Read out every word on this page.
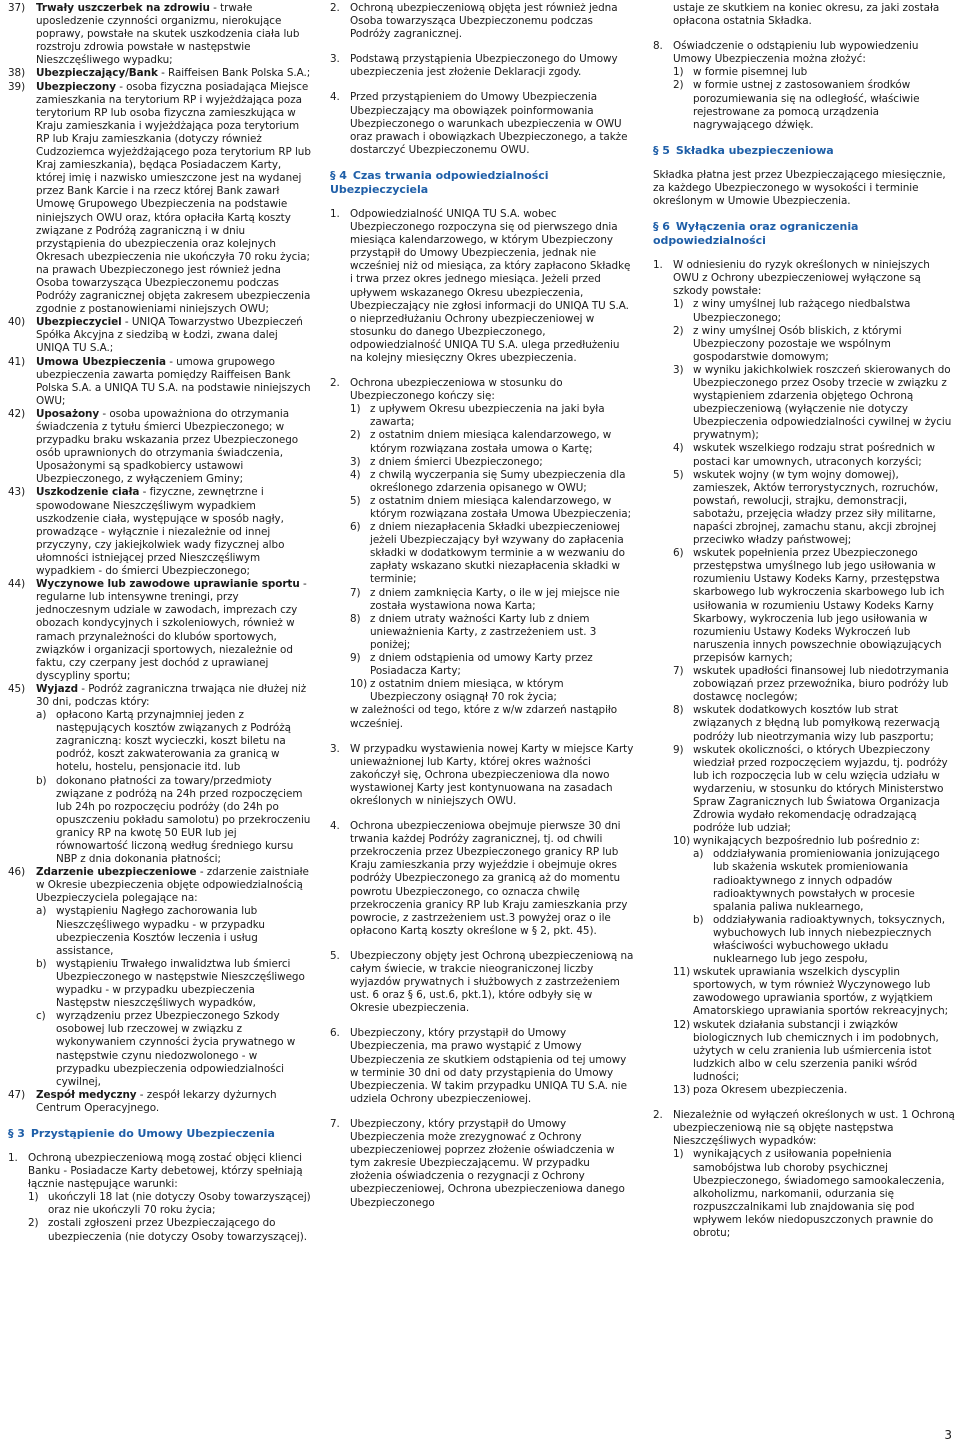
37) Trwały uszczerbek na zdrowiu - trwałe uposledzenie czynności organizmu, nierokujące poprawy, powstałe na skutek uszkodzenia ciała lub rozstroju zdrowia powstałe w następstwie Nieszczęśliwego wypadku;
38) Ubezpieczający/Bank - Raiffeisen Bank Polska S.A.;
39) Ubezpieczony - osoba fizyczna posiadająca Miejsce zamieszkania na terytorium RP i wyjeżdżająca poza terytorium RP lub osoba fizyczna zamieszkująca w Kraju zamieszkania i wyjeżdżająca poza terytorium RP lub Kraju zamieszkania (dotyczy również Cudzoziemca wyjeżdżającego poza terytorium RP lub Kraj zamieszkania), będąca Posiadaczem Karty, której imię i nazwisko umieszczone jest na wydanej przez Bank Karcie i na rzecz której Bank zawarł Umowę Grupowego Ubezpieczenia na podstawie niniejszych OWU oraz, która opłaciła Kartą koszty związane z Podróżą zagraniczną i w dniu przystąpienia do ubezpieczenia oraz kolejnych Okresach ubezpieczenia nie ukończyła 70 roku życia; na prawach Ubezpieczonego jest również jedna Osoba towarzysząca Ubezpieczonemu podczas Podróży zagranicznej objęta zakresem ubezpieczenia zgodnie z postanowieniami niniejszych OWU;
40) Ubezpieczyciel - UNIQA Towarzystwo Ubezpieczeń Spółka Akcyjna z siedzibą w Łodzi, zwana dalej UNIQA TU S.A.;
41) Umowa Ubezpieczenia - umowa grupowego ubezpieczenia zawarta pomiędzy Raiffeisen Bank Polska S.A. a UNIQA TU S.A. na podstawie niniejszych OWU;
42) Uposażony - osoba upoważniona do otrzymania świadczenia z tytułu śmierci Ubezpieczonego; w przypadku braku wskazania przez Ubezpieczonego osób uprawnionych do otrzymania świadczenia, Uposażonymi są spadkobiercy ustawowi Ubezpieczonego, z wyłączeniem Gminy;
43) Uszkodzenie ciała - fizyczne, zewnętrzne i spowodowane Nieszczęśliwym wypadkiem uszkodzenie ciała, występujące w sposób nagły, prowadzące - wyłącznie i niezależnie od innej przyczyny, czy jakiejkolwiek wady fizycznej albo ułomności istniejącej przed Nieszczęśliwym wypadkiem - do śmierci Ubezpieczonego;
44) Wyczynowe lub zawodowe uprawianie sportu - regularne lub intensywne treningi, przy jednoczesnym udziale w zawodach, imprezach czy obozach kondycyjnych i szkoleniowych, również w ramach przynależności do klubów sportowych, związków i organizacji sportowych, niezależnie od faktu, czy czerpany jest dochód z uprawianej dyscypliny sportu;
45) Wyjazd - Podróż zagraniczna trwająca nie dłużej niż 30 dni, podczas który:
a) opłacono Kartą przynajmniej jeden z następujących kosztów związanych z Podróżą zagraniczną: koszt wycieczki, koszt biletu na podróż, koszt zakwaterowania za granicą w hotelu, hostelu, pensjonacie itd. lub
b) dokonano płatności za towary/przedmioty związane z podróżą na 24h przed rozpoczęciem lub 24h po rozpoczęciu podróży (do 24h po opuszczeniu pokładu samolotu) po przekroczeniu granicy RP na kwotę 50 EUR lub jej równowartość liczoną według średniego kursu NBP z dnia dokonania płatności;
46) Zdarzenie ubezpieczeniowe - zdarzenie zaistniałe w Okresie ubezpieczenia objęte odpowiedzialnością Ubezpieczyciela polegające na:
a) wystąpieniu Nagłego zachorowania lub Nieszczęśliwego wypadku - w przypadku ubezpieczenia Kosztów leczenia i usług assistance,
b) wystąpieniu Trwałego inwalidztwa lub śmierci Ubezpieczonego w następstwie Nieszczęśliwego wypadku - w przypadku ubezpieczenia Następstw nieszczęśliwych wypadków,
c) wyrządzeniu przez Ubezpieczonego Szkody osobowej lub rzeczowej w związku z wykonywaniem czynności życia prywatnego w następstwie czynu niedozwolonego - w przypadku ubezpieczenia odpowiedzialności cywilnej,
47) Zespół medyczny - zespół lekarzy dyżurnych Centrum Operacyjnego.
§ 3 Przystąpienie do Umowy Ubezpieczenia
1. Ochroną ubezpieczeniową mogą zostać objęci klienci Banku - Posiadacze Karty debetowej, którzy spełniają łącznie następujące warunki:
1) ukończyli 18 lat (nie dotyczy Osoby towarzyszącej) oraz nie ukończyli 70 roku życia;
2) zostali zgłoszeni przez Ubezpieczającego do ubezpieczenia (nie dotyczy Osoby towarzyszącej).
2. Ochroną ubezpieczeniową objęta jest również jedna Osoba towarzysząca Ubezpieczonemu podczas Podróży zagranicznej.
3. Podstawą przystąpienia Ubezpieczonego do Umowy ubezpieczenia jest złożenie Deklaracji zgody.
4. Przed przystąpieniem do Umowy Ubezpieczenia Ubezpieczający ma obowiązek poinformowania Ubezpieczonego o warunkach ubezpieczenia w OWU oraz prawach i obowiązkach Ubezpieczonego, a także dostarczyć Ubezpieczonemu OWU.
§ 4 Czas trwania odpowiedzialności Ubezpieczyciela
1. Odpowiedzialność UNIQA TU S.A. wobec Ubezpieczonego rozpoczyna się od pierwszego dnia miesiąca kalendarzowego, w którym Ubezpieczony przystąpił do Umowy Ubezpieczenia, jednak nie wcześniej niż od miesiąca, za który zapłacono Składkę i trwa przez okres jednego miesiąca. Jeżeli przed upływem wskazanego Okresu ubezpieczenia, Ubezpieczający nie zgłosi informacji do UNIQA TU S.A. o nieprzedłużaniu Ochrony ubezpieczeniowej w stosunku do danego Ubezpieczonego, odpowiedzialność UNIQA TU S.A. ulega przedłużeniu na kolejny miesięczny Okres ubezpieczenia.
2. Ochrona ubezpieczeniowa w stosunku do Ubezpieczonego kończy się:
1) z upływem Okresu ubezpieczenia na jaki była zawarta;
2) z ostatnim dniem miesiąca kalendarzowego, w którym rozwiązana została umowa o Kartę;
3) z dniem śmierci Ubezpieczonego;
4) z chwilą wyczerpania się Sumy ubezpieczenia dla określonego zdarzenia opisanego w OWU;
5) z ostatnim dniem miesiąca kalendarzowego, w którym rozwiązana została Umowa Ubezpieczenia;
6) z dniem niezapłacenia Składki ubezpieczeniowej jeżeli Ubezpieczający był wzywany do zapłacenia składki w dodatkowym terminie a w wezwaniu do zapłaty wskazano skutki niezapłacenia składki w terminie;
7) z dniem zamknięcia Karty, o ile w jej miejsce nie została wystawiona nowa Karta;
8) z dniem utraty ważności Karty lub z dniem unieważnienia Karty, z zastrzeżeniem ust. 3 poniżej;
9) z dniem odstąpienia od umowy Karty przez Posiadacza Karty;
10) z ostatnim dniem miesiąca, w którym Ubezpieczony osiągnął 70 rok życia;
w zależności od tego, które z w/w zdarzeń nastąpiło wcześniej.
3. W przypadku wystawienia nowej Karty w miejsce Karty unieważnionej lub Karty, której okres ważności zakończył się, Ochrona ubezpieczeniowa dla nowo wystawionej Karty jest kontynuowana na zasadach określonych w niniejszych OWU.
4. Ochrona ubezpieczeniowa obejmuje pierwsze 30 dni trwania każdej Podróży zagranicznej, tj. od chwili przekroczenia przez Ubezpieczonego granicy RP lub Kraju zamieszkania przy wyjeździe i obejmuje okres podróży Ubezpieczonego za granicą aż do momentu powrotu Ubezpieczonego, co oznacza chwilę przekroczenia granicy RP lub Kraju zamieszkania przy powrocie, z zastrzeżeniem ust.3 powyżej oraz o ile opłacono Kartą koszty określone w § 2, pkt. 45).
5. Ubezpieczony objęty jest Ochroną ubezpieczeniową na całym świecie, w trakcie nieograniczonej liczby wyjazdów prywatnych i służbowych z zastrzeżeniem ust. 6 oraz § 6, ust.6, pkt.1), które odbyły się w Okresie ubezpieczenia.
6. Ubezpieczony, który przystąpił do Umowy Ubezpieczenia, ma prawo wystąpić z Umowy Ubezpieczenia ze skutkiem odstąpienia od tej umowy w terminie 30 dni od daty przystąpienia do Umowy Ubezpieczenia. W takim przypadku UNIQA TU S.A. nie udziela Ochrony ubezpieczeniowej.
7. Ubezpieczony, który przystąpił do Umowy Ubezpieczenia może zrezygnować z Ochrony ubezpieczeniowej poprzez złożenie oświadczenia w tym zakresie Ubezpieczającemu. W przypadku złożenia oświadczenia o rezygnacji z Ochrony ubezpieczeniowej, Ochrona ubezpieczeniowa danego Ubezpieczonego
ustaje ze skutkiem na koniec okresu, za jaki została opłacona ostatnia Składka.
8. Oświadczenie o odstąpieniu lub wypowiedzeniu Umowy Ubezpieczenia można złożyć:
1) w formie pisemnej lub
2) w formie ustnej z zastosowaniem środków porozumiewania się na odległość, właściwie rejestrowane za pomocą urządzenia nagrywającego dźwięk.
§ 5 Składka ubezpieczeniowa
Składka płatna jest przez Ubezpieczającego miesięcznie, za każdego Ubezpieczonego w wysokości i terminie określonym w Umowie Ubezpieczenia.
§ 6 Wyłączenia oraz ograniczenia odpowiedzialności
1. W odniesieniu do ryzyk określonych w niniejszych OWU z Ochrony ubezpieczeniowej wyłączone są szkody powstałe:
1) z winy umyślnej lub rażącego niedbalstwa Ubezpieczonego;
2) z winy umyślnej Osób bliskich, z którymi Ubezpieczony pozostaje we wspólnym gospodarstwie domowym;
3) w wyniku jakichkolwiek roszczeń skierowanych do Ubezpieczonego przez Osoby trzecie w związku z wystąpieniem zdarzenia objętego Ochroną ubezpieczeniową (wyłączenie nie dotyczy Ubezpieczenia odpowiedzialności cywilnej w życiu prywatnym);
4) wskutek wszelkiego rodzaju strat pośrednich w postaci kar umownych, utraconych korzyści;
5) wskutek wojny (w tym wojny domowej), zamieszek, Aktów terrorystycznych, rozruchów, powstań, rewolucji, strajku, demonstracji, sabotażu, przejęcia władzy przez siły militarne, napaści zbrojnej, zamachu stanu, akcji zbrojnej przeciwko władzy państwowej;
6) wskutek popełnienia przez Ubezpieczonego przestępstwa umyślnego lub jego usiłowania w rozumieniu Ustawy Kodeks Karny, przestępstwa skarbowego lub wykroczenia skarbowego lub ich usiłowania w rozumieniu Ustawy Kodeks Karny Skarbowy, wykroczenia lub jego usiłowania w rozumieniu Ustawy Kodeks Wykroczeń lub naruszenia innych powszechnie obowiązujących przepisów karnych;
7) wskutek upadłości finansowej lub niedotrzymania zobowiązań przez przewoźnika, biuro podróży lub dostawcę noclegów;
8) wskutek dodatkowych kosztów lub strat związanych z błędną lub pomyłkową rezerwacją podróży lub nieotrzymania wizy lub paszportu;
9) wskutek okoliczności, o których Ubezpieczony wiedział przed rozpoczęciem wyjazdu, tj. podróży lub ich rozpoczęcia lub w celu wzięcia udziału w wydarzeniu, w stosunku do których Ministerstwo Spraw Zagranicznych lub Światowa Organizacja Zdrowia wydało rekomendację odradzającą podróże lub udział;
10) wynikających bezpośrednio lub pośrednio z:
a) oddziaływania promieniowania jonizującego lub skażenia wskutek promieniowania radioaktywnego z innych odpadów radioaktywnych powstałych w procesie spalania paliwa nuklearnego,
b) oddziaływania radioaktywnych, toksycznych, wybuchowych lub innych niebezpiecznych właściwości wybuchowego układu nuklearnego lub jego zespołu,
11) wskutek uprawiania wszelkich dyscyplin sportowych, w tym również Wyczynowego lub zawodowego uprawiania sportów, z wyjątkiem Amatorskiego uprawiania sportów rekreacyjnych;
12) wskutek działania substancji i związków biologicznych lub chemicznych i im podobnych, użytych w celu zranienia lub uśmiercenia istot ludzkich albo w celu szerzenia paniki wśród ludności;
13) poza Okresem ubezpieczenia.
2. Niezależnie od wyłączeń określonych w ust. 1 Ochroną ubezpieczeniową nie są objęte następstwa Nieszczęśliwych wypadków:
1) wynikających z usiłowania popełnienia samobójstwa lub choroby psychicznej Ubezpieczonego, świadomego samookaleczenia, alkoholizmu, narkomanii, odurzania się rozpuszczalnikami lub znajdowania się pod wpływem leków niedopuszczonych prawnie do obrotu;
3
